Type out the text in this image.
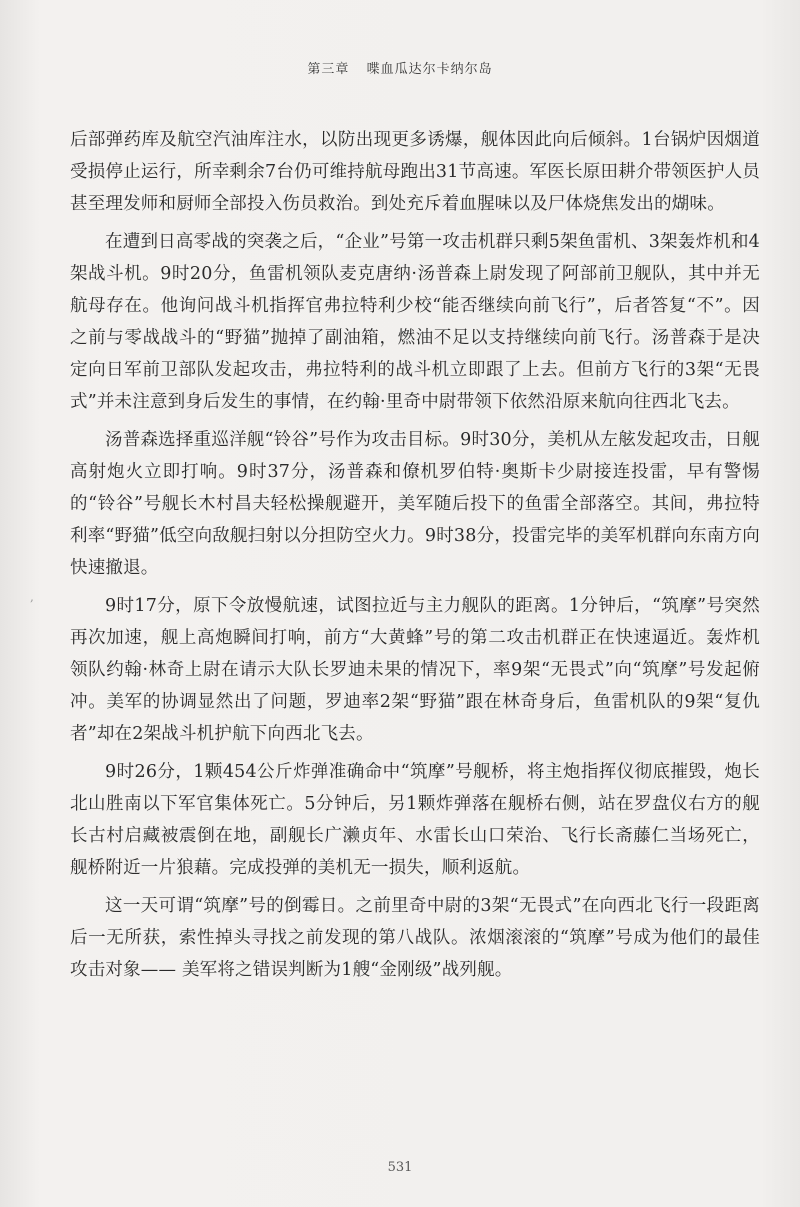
第三章 喋血瓜达尔卡纳尔岛
,

后部弹药库及航空汽油库注水，以防出现更多诱爆，舰体因此向后倾斜。1台锅炉因烟道受损停止运行，所幸剩余7台仍可维持航母跑出31节高速。军医长原田耕介带领医护人员甚至理发师和厨师全部投入伤员救治。到处充斥着血腥味以及尸体烧焦发出的煳味。

在遭到日高零战的突袭之后，“企业”号第一攻击机群只剩5架鱼雷机、3架轰炸机和4架战斗机。9时20分，鱼雷机领队麦克唐纳·汤普森上尉发现了阿部前卫舰队，其中并无航母存在。他询问战斗机指挥官弗拉特利少校“能否继续向前飞行”，后者答复“不”。因之前与零战战斗的“野猫”抛掉了副油箱，燃油不足以支持继续向前飞行。汤普森于是决定向日军前卫部队发起攻击，弗拉特利的战斗机立即跟了上去。但前方飞行的3架“无畏式”并未注意到身后发生的事情，在约翰·里奇中尉带领下依然沿原来航向往西北飞去。

汤普森选择重巡洋舰“铃谷”号作为攻击目标。9时30分，美机从左舷发起攻击，日舰高射炮火立即打响。9时37分，汤普森和僚机罗伯特·奥斯卡少尉接连投雷，早有警惕的“铃谷”号舰长木村昌夫轻松操舰避开，美军随后投下的鱼雷全部落空。其间，弗拉特利率“野猫”低空向敌舰扫射以分担防空火力。9时38分，投雷完毕的美军机群向东南方向快速撤退。

9时17分，原下令放慢航速，试图拉近与主力舰队的距离。1分钟后，“筑摩”号突然再次加速，舰上高炮瞬间打响，前方“大黄蜂”号的第二攻击机群正在快速逼近。轰炸机领队约翰·林奇上尉在请示大队长罗迪未果的情况下，率9架“无畏式”向“筑摩”号发起俯冲。美军的协调显然出了问题，罗迪率2架“野猫”跟在林奇身后，鱼雷机队的9架“复仇者”却在2架战斗机护航下向西北飞去。

9时26分，1颗454公斤炸弹准确命中“筑摩”号舰桥，将主炮指挥仪彻底摧毁，炮长北山胜南以下军官集体死亡。5分钟后，另1颗炸弹落在舰桥右侧，站在罗盘仪右方的舰长古村启藏被震倒在地，副舰长广濑贞年、水雷长山口荣治、飞行长斋藤仁当场死亡，舰桥附近一片狼藉。完成投弹的美机无一损失，顺利返航。

这一天可谓“筑摩”号的倒霉日。之前里奇中尉的3架“无畏式”在向西北飞行一段距离后一无所获，索性掉头寻找之前发现的第八战队。浓烟滚滚的“筑摩”号成为他们的最佳攻击对象—— 美军将之错误判断为1艘“金刚级”战列舰。

531
